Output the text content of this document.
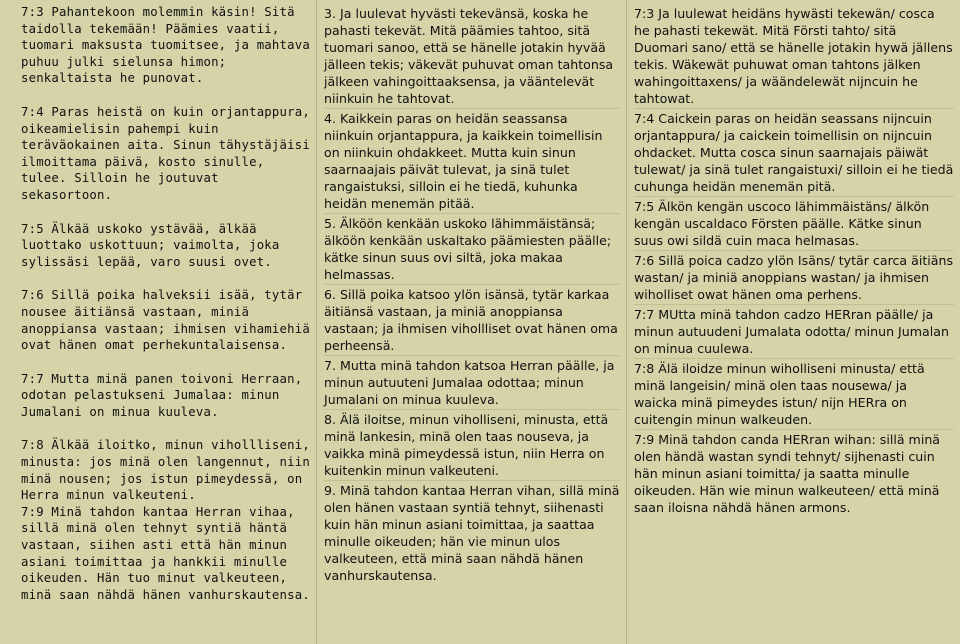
7:3 Pahantekoon molemmin käsin! Sitä taidolla tekemään! Päämies vaatii, tuomari maksusta tuomitsee, ja mahtava puhuu julki sielunsa himon; senkaltaista he punovat.

7:4 Paras heistä on kuin orjantappura, oikeamielisin pahempi kuin teräväokainen aita. Sinun tähystäjäisi ilmoittama päivä, kosto sinulle, tulee. Silloin he joutuvat sekasortoon.

7:5 Älkää uskoko ystävää, älkää luottako uskottuun; vaimolta, joka sylissäsi lepää, varo suusi ovet.

7:6 Sillä poika halveksii isää, tytär nousee äitiänsä vastaan, miniä anoppiansa vastaan; ihmisen vihamiehiä ovat hänen omat perhekuntalaisensa.

7:7 Mutta minä panen toivoni Herraan, odotan pelastukseni Jumalaa: minun Jumalani on minua kuuleva.

7:8 Älkää iloitko, minun vihollliseni, minusta: jos minä olen langennut, niin minä nousen; jos istun pimeydessä, on Herra minun valkeuteni.

7:9 Minä tahdon kantaa Herran vihaa, sillä minä olen tehnyt syntiä häntä vastaan, siihen asti että hän minun asiani toimittaa ja hankkii minulle oikeuden. Hän tuo minut valkeuteen, minä saan nähdä hänen vanhurskautensa.

3. Ja luulevat hyvästi tekevänsä, koska he pahasti tekevät. Mitä päämies tahtoo, sitä tuomari sanoo, että se hänelle jotakin hyvää jälleen tekis; väkevät puhuvat oman tahtonsa jälkeen vahingoittaaksensa, ja vääntelevät niinkuin he tahtovat.

4. Kaikkein paras on heidän seassansa niinkuin orjantappura, ja kaikkein toimellisin on niinkuin ohdakkeet. Mutta kuin sinun saarnaajais päivät tulevat, ja sinä tulet rangaistuksi, silloin ei he tiedä, kuhunka heidän menemän pitää.

5. Älköön kenkään uskoko lähimmäistänsä; älköön kenkään uskaltako päämiesten päälle; kätke sinun suus ovi siltä, joka makaa helmassas.

6. Sillä poika katsoo ylön isänsä, tytär karkaa äitiänsä vastaan, ja miniä anoppiansa vastaan; ja ihmisen vihollliset ovat hänen oma perheensä.

7. Mutta minä tahdon katsoa Herran päälle, ja minun autuuteni Jumalaa odottaa; minun Jumalani on minua kuuleva.

8. Älä iloitse, minun viholliseni, minusta, että minä lankesin, minä olen taas nouseva, ja vaikka minä pimeydessä istun, niin Herra on kuitenkin minun valkeuteni.

9. Minä tahdon kantaa Herran vihan, sillä minä olen hänen vastaan syntiä tehnyt, siihenasti kuin hän minun asiani toimittaa, ja saattaa minulle oikeuden; hän vie minun ulos valkeuteen, että minä saan nähdä hänen vanhurskautensa.

7:3 Ja luulewat heidäns hywästi tekewän/ cosca he pahasti tekewät. Mitä Försti tahto/ sitä Duomari sano/ että se hänelle jotakin hywä jällens tekis. Wäkewät puhuwat oman tahtons jälken wahingoittaxens/ ja wäändelewät nijncuin he tahtowat.

7:4 Caickein paras on heidän seassans nijncuin orjantappura/ ja caickein toimellisin on nijncuin ohdacket. Mutta cosca sinun saarnajais päiwät tulewat/ ja sinä tulet rangaistuxi/ silloin ei he tiedä cuhunga heidän menemän pitä.

7:5 Älkön kengän uscoco lähimmäistäns/ älkön kengän uscaldaco Försten päälle. Kätke sinun suus owi sildä cuin maca helmasas.

7:6 Sillä poica cadzo ylön Isäns/ tytär carca äitiäns wastan/ ja miniä anoppians wastan/ ja ihmisen wiholliset owat hänen oma perhens.

7:7 MUtta minä tahdon cadzo HERran päälle/ ja minun autuudeni Jumalata odotta/ minun Jumalan on minua cuulewa.

7:8 Älä iloidze minun wiholliseni minusta/ että minä langeisin/ minä olen taas nousewa/ ja waicka minä pimeydes istun/ nijn HERra on cuitengin minun walkeuden.

7:9 Minä tahdon canda HERran wihan: sillä minä olen händä wastan syndi tehnyt/ sijhenasti cuin hän minun asiani toimitta/ ja saatta minulle oikeuden. Hän wie minun walkeuteen/ että minä saan iloisna nähdä hänen armons.
